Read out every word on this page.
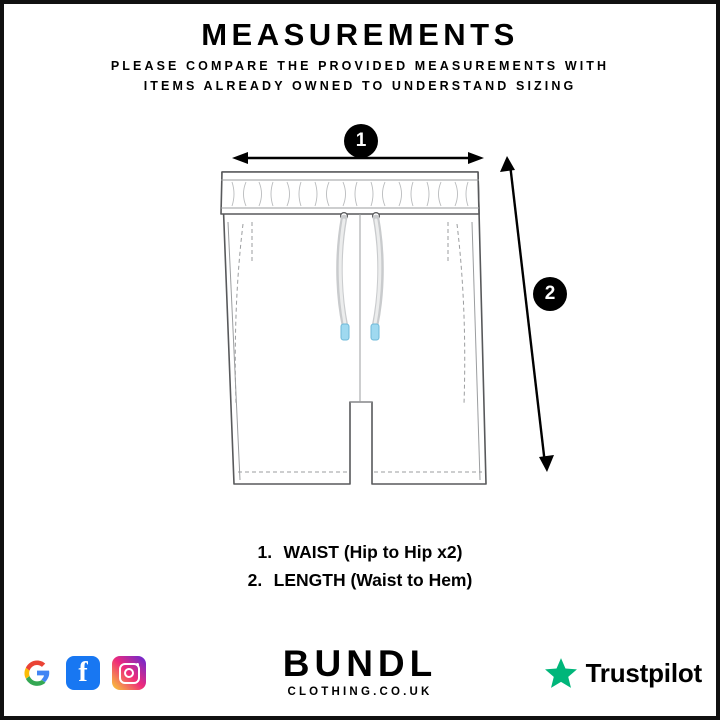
MEASUREMENTS
PLEASE COMPARE THE PROVIDED MEASUREMENTS WITH
ITEMS ALREADY OWNED TO UNDERSTAND SIZING
1
2
1. WAIST (Hip to Hip x2)
2. LENGTH (Waist to Hem)
f	BUNDL
CLOTHING.CO.UK
Trustpilot
